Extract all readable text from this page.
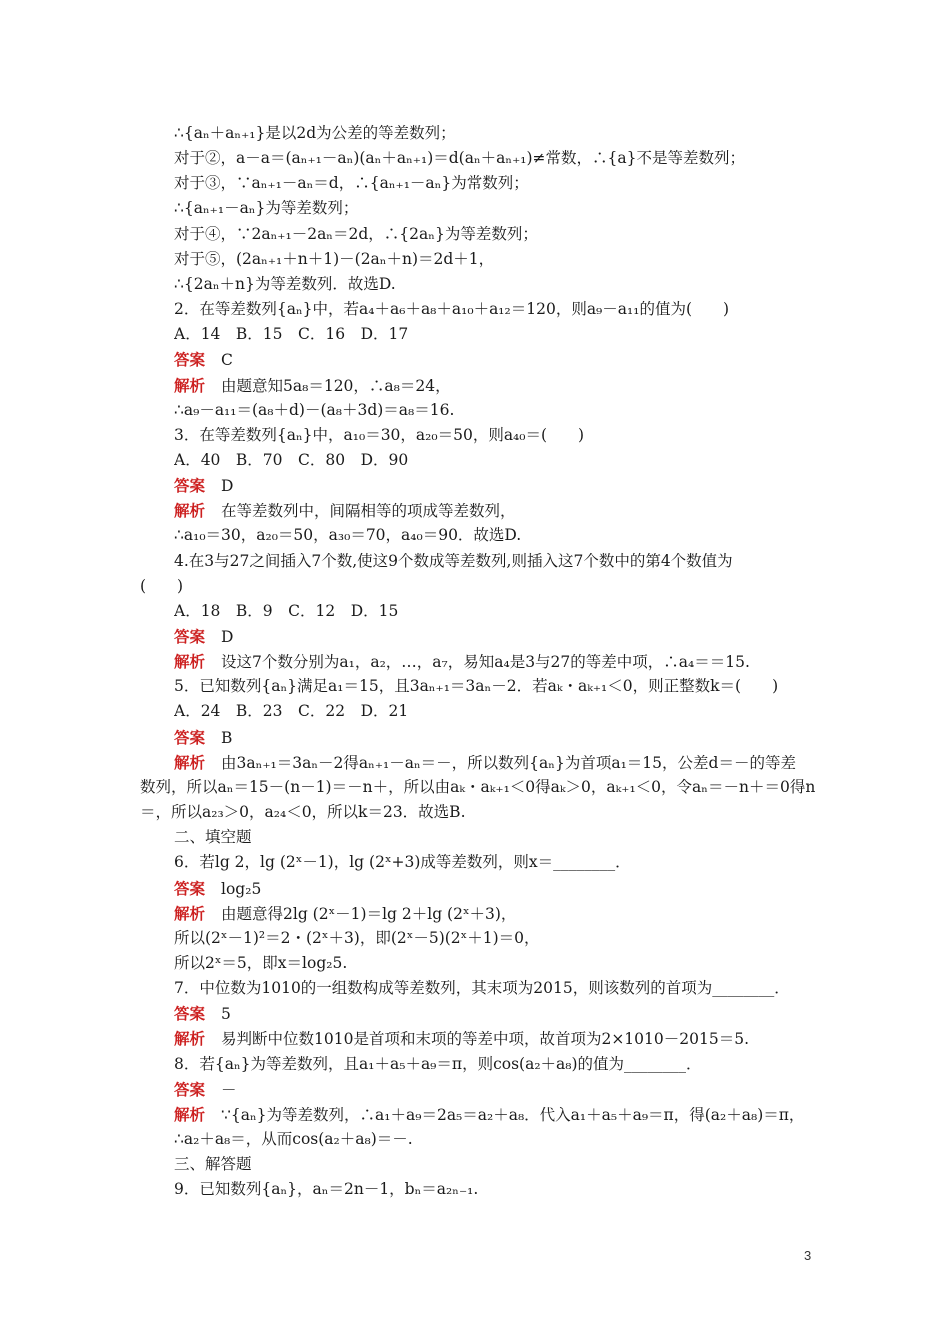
∴{aₙ＋aₙ₊₁}是以2d为公差的等差数列；
对于②，a－a＝(aₙ₊₁－aₙ)(aₙ＋aₙ₊₁)＝d(aₙ＋aₙ₊₁)≠常数，∴{a}不是等差数列；
对于③，∵aₙ₊₁－aₙ＝d，∴{aₙ₊₁－aₙ}为常数列；
∴{aₙ₊₁－aₙ}为等差数列；
对于④，∵2aₙ₊₁－2aₙ＝2d，∴{2aₙ}为等差数列；
对于⑤，(2aₙ₊₁＋n＋1)－(2aₙ＋n)＝2d＋1，
∴{2aₙ＋n}为等差数列．故选D.
2．在等差数列{aₙ}中，若a₄＋a₆＋a₈＋a₁₀＋a₁₂＝120，则a₉－a₁₁的值为(　　)
A．14　B．15　C．16　D．17
答案 C
解析 由题意知5a₈＝120，∴a₈＝24，
∴a₉－a₁₁＝(a₈＋d)－(a₈＋3d)＝a₈＝16.
3．在等差数列{aₙ}中，a₁₀＝30，a₂₀＝50，则a₄₀＝(　　)
A．40　B．70　C．80　D．90
答案 D
解析 在等差数列中，间隔相等的项成等差数列，
∴a₁₀＝30，a₂₀＝50，a₃₀＝70，a₄₀＝90．故选D.
4.在3与27之间插入7个数,使这9个数成等差数列,则插入这7个数中的第4个数值为
(　　)
A．18　B．9　C．12　D．15
答案 D
解析 设这7个数分别为a₁，a₂，…，a₇，易知a₄是3与27的等差中项，∴a₄＝＝15.
5．已知数列{aₙ}满足a₁＝15，且3aₙ₊₁＝3aₙ－2．若aₖ・aₖ₊₁＜0，则正整数k＝(　　)
A．24　B．23　C．22　D．21
答案 B
解析 由3aₙ₊₁＝3aₙ－2得aₙ₊₁－aₙ＝－，所以数列{aₙ}为首项a₁＝15，公差d＝－的等差
数列，所以aₙ＝15－(n－1)＝－n＋，所以由aₖ・aₖ₊₁＜0得aₖ＞0，aₖ₊₁＜0，令aₙ＝－n＋＝0得n
＝，所以a₂₃＞0，a₂₄＜0，所以k＝23．故选B.
二、填空题
6．若lg 2，lg (2ˣ－1)，lg (2ˣ+3)成等差数列，则x＝________．
答案 log₂5
解析 由题意得2lg (2ˣ－1)＝lg 2＋lg (2ˣ＋3)，
所以(2ˣ－1)²＝2・(2ˣ＋3)，即(2ˣ－5)(2ˣ＋1)＝0，
所以2ˣ＝5，即x＝log₂5.
7．中位数为1010的一组数构成等差数列，其末项为2015，则该数列的首项为________．
答案 5
解析 易判断中位数1010是首项和末项的等差中项，故首项为2×1010－2015＝5.
8．若{aₙ}为等差数列，且a₁＋a₅＋a₉＝π，则cos(a₂＋a₈)的值为________．
答案 －
解析 ∵{aₙ}为等差数列，∴a₁＋a₉＝2a₅＝a₂＋a₈．代入a₁＋a₅＋a₉＝π，得(a₂＋a₈)＝π，
∴a₂＋a₈＝，从而cos(a₂＋a₈)＝－.
三、解答题
9．已知数列{aₙ}，aₙ＝2n－1，bₙ＝a₂ₙ₋₁.
3
